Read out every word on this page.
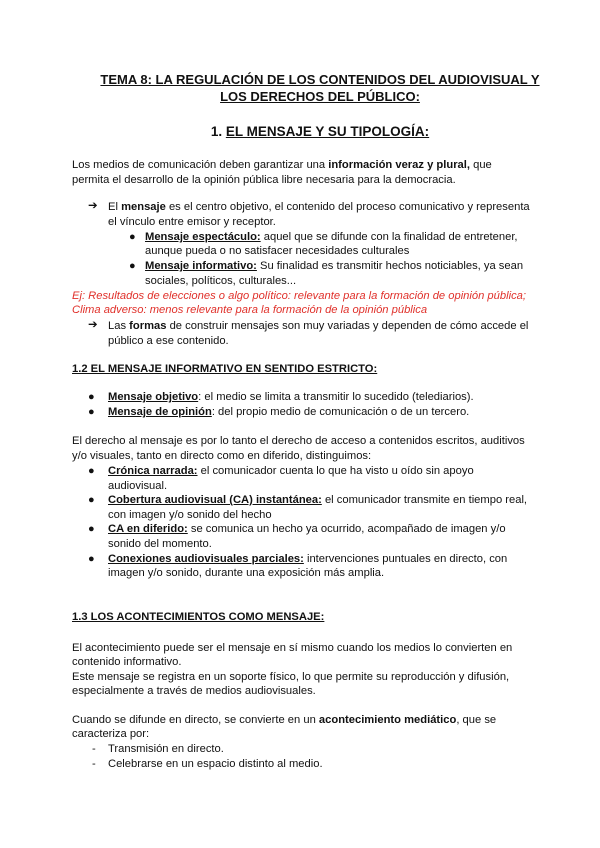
TEMA 8: LA REGULACIÓN DE LOS CONTENIDOS DEL AUDIOVISUAL Y
LOS DERECHOS DEL PÚBLICO:
1. EL MENSAJE Y SU TIPOLOGÍA:
Los medios de comunicación deben garantizar una información veraz y plural, que
permita el desarrollo de la opinión pública libre necesaria para la democracia.
➔ El mensaje es el centro objetivo, el contenido del proceso comunicativo y representa
el vínculo entre emisor y receptor.
● Mensaje espectáculo: aquel que se difunde con la finalidad de entretener,
aunque pueda o no satisfacer necesidades culturales
● Mensaje informativo: Su finalidad es transmitir hechos noticiables, ya sean
sociales, políticos, culturales...
Ej: Resultados de elecciones o algo político: relevante para la formación de opinión pública;
Clima adverso: menos relevante para la formación de la opinión pública
➔ Las formas de construir mensajes son muy variadas y dependen de cómo accede el
público a ese contenido.
1.2 EL MENSAJE INFORMATIVO EN SENTIDO ESTRICTO:
● Mensaje objetivo: el medio se limita a transmitir lo sucedido (telediarios).
● Mensaje de opinión: del propio medio de comunicación o de un tercero.
El derecho al mensaje es por lo tanto el derecho de acceso a contenidos escritos, auditivos
y/o visuales, tanto en directo como en diferido, distinguimos:
● Crónica narrada: el comunicador cuenta lo que ha visto u oído sin apoyo
audiovisual.
● Cobertura audiovisual (CA) instantánea: el comunicador transmite en tiempo real,
con imagen y/o sonido del hecho
● CA en diferido: se comunica un hecho ya ocurrido, acompañado de imagen y/o
sonido del momento.
● Conexiones audiovisuales parciales: intervenciones puntuales en directo, con
imagen y/o sonido, durante una exposición más amplia.
1.3 LOS ACONTECIMIENTOS COMO MENSAJE:
El acontecimiento puede ser el mensaje en sí mismo cuando los medios lo convierten en
contenido informativo.
Este mensaje se registra en un soporte físico, lo que permite su reproducción y difusión,
especialmente a través de medios audiovisuales.
Cuando se difunde en directo, se convierte en un acontecimiento mediático, que se
caracteriza por:
- Transmisión en directo.
- Celebrarse en un espacio distinto al medio.
